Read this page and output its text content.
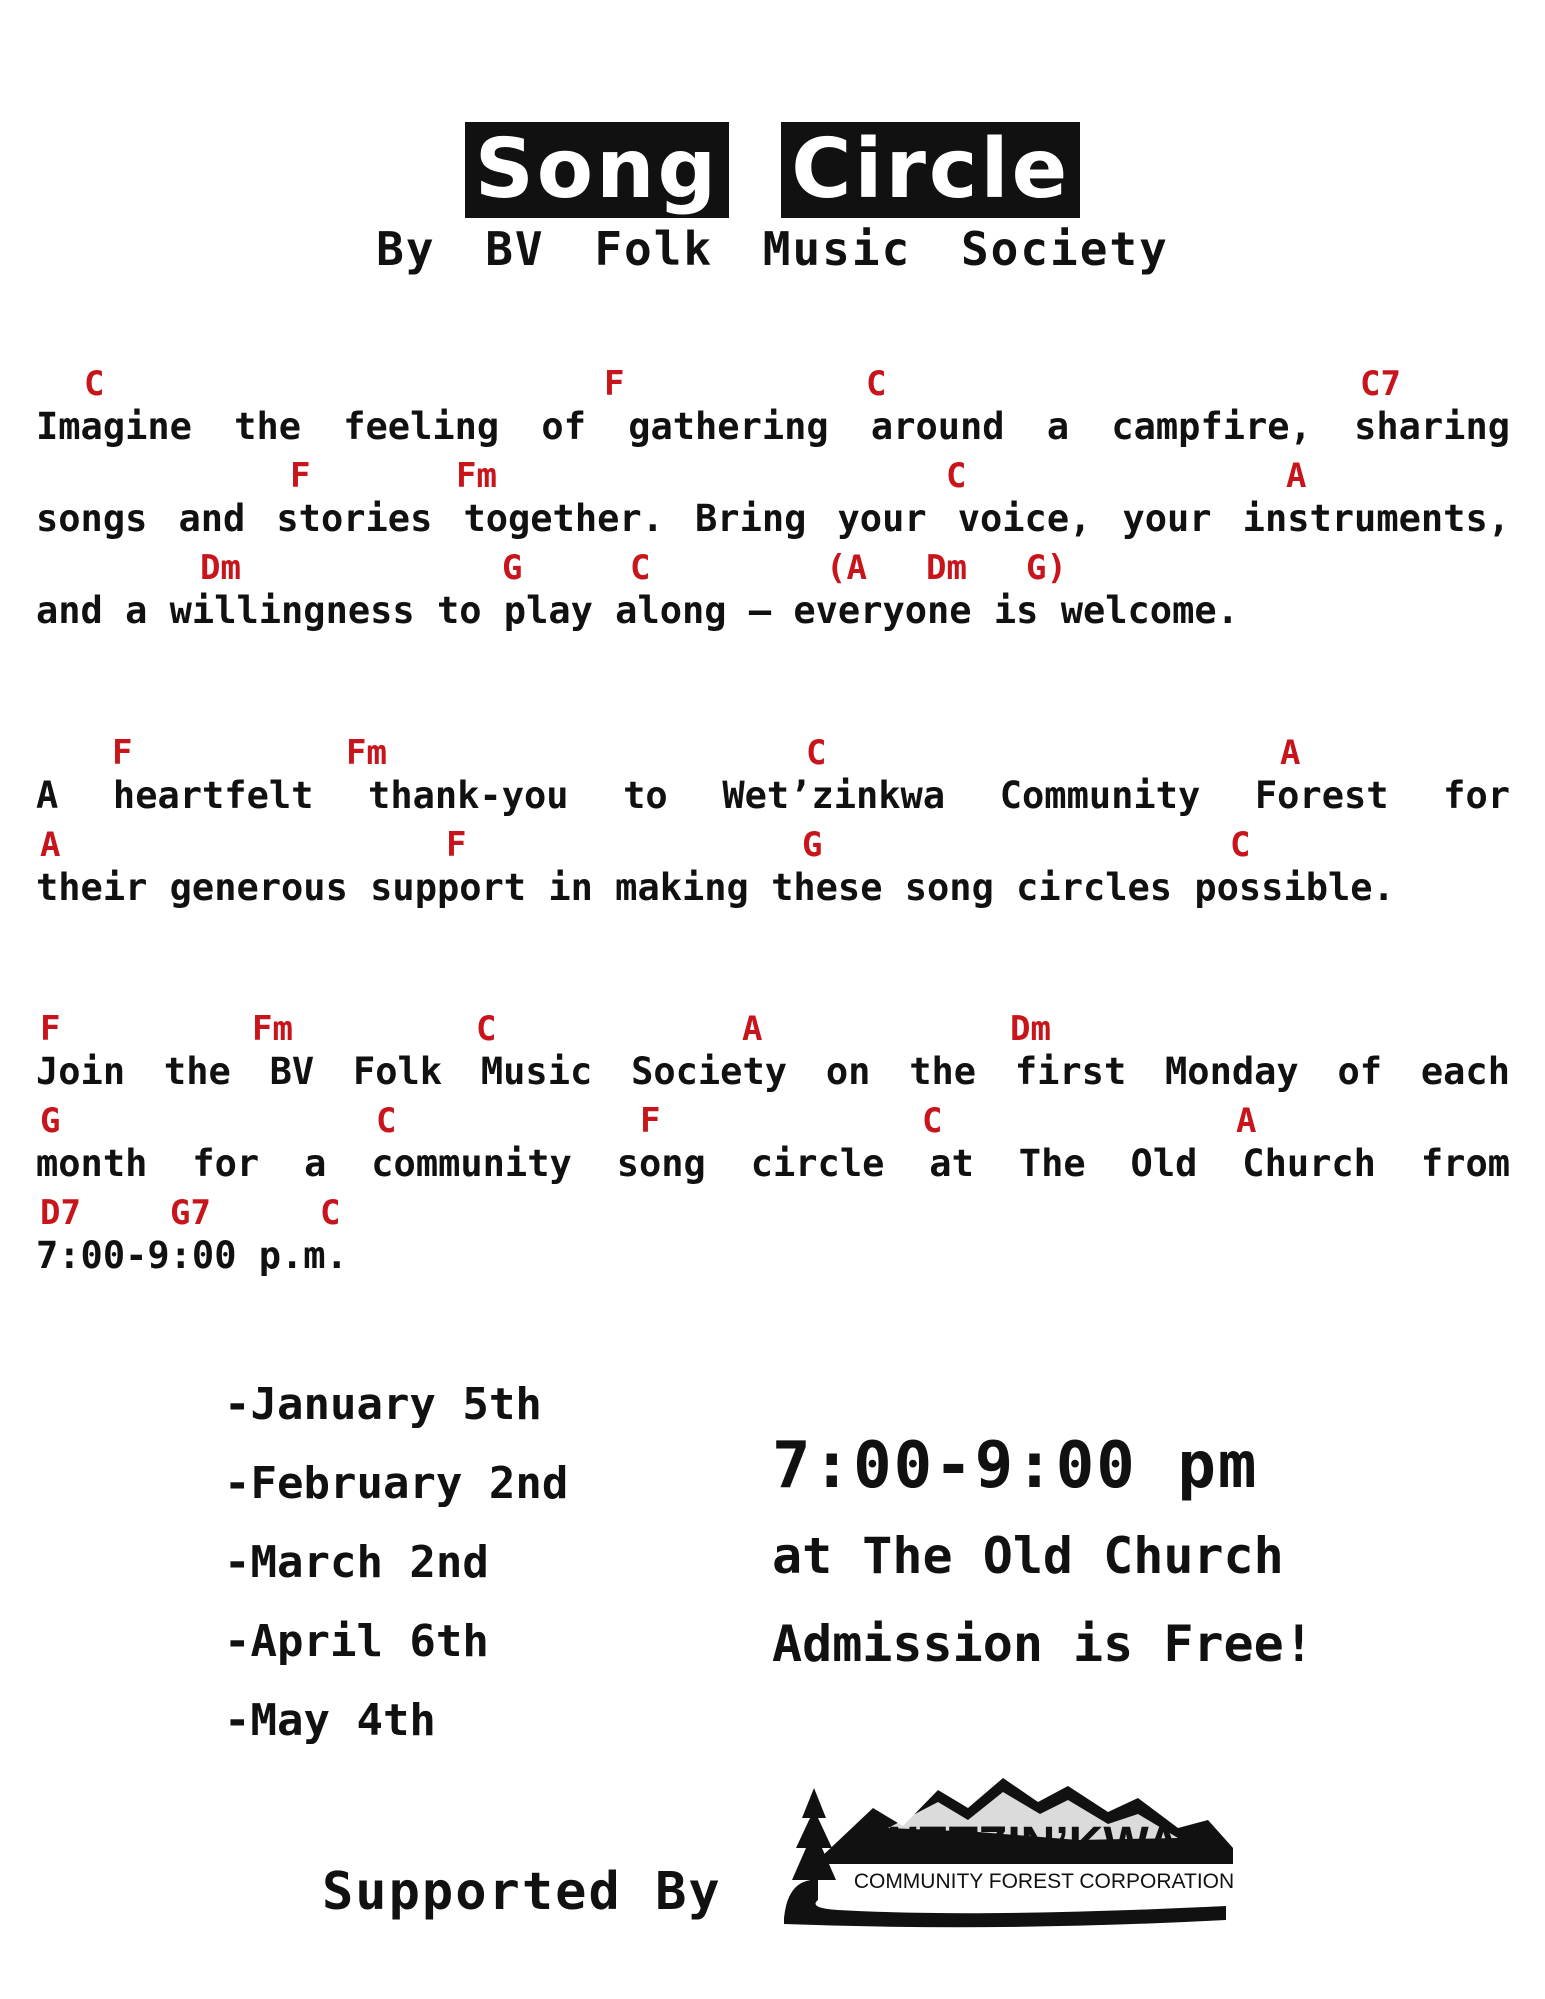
Song Circle
By BV Folk Music Society
C	F	C	C7
Imagine the feeling of gathering around a campfire, sharing
F	Fm	C	A
songs and stories together. Bring your voice, your instruments,
Dm	G	C	(A Dm G)
and a willingness to play along — everyone is welcome.
F	Fm	C	A
A heartfelt thank-you to Wet’zinkwa Community Forest for
A	F	G	C
their generous support in making these song circles possible.
F	Fm	C	A	Dm
Join the BV Folk Music Society on the first Monday of each
G	C	F	C	A
month for a community song circle at The Old Church from
D7	G7	C
7:00-9:00 p.m.
-January 5th
-February 2nd
-March 2nd
-April 6th
-May 4th
7:00-9:00 pm
at The Old Church
Admission is Free!
Supported By
WETZIN’KWA
COMMUNITY FOREST CORPORATION
